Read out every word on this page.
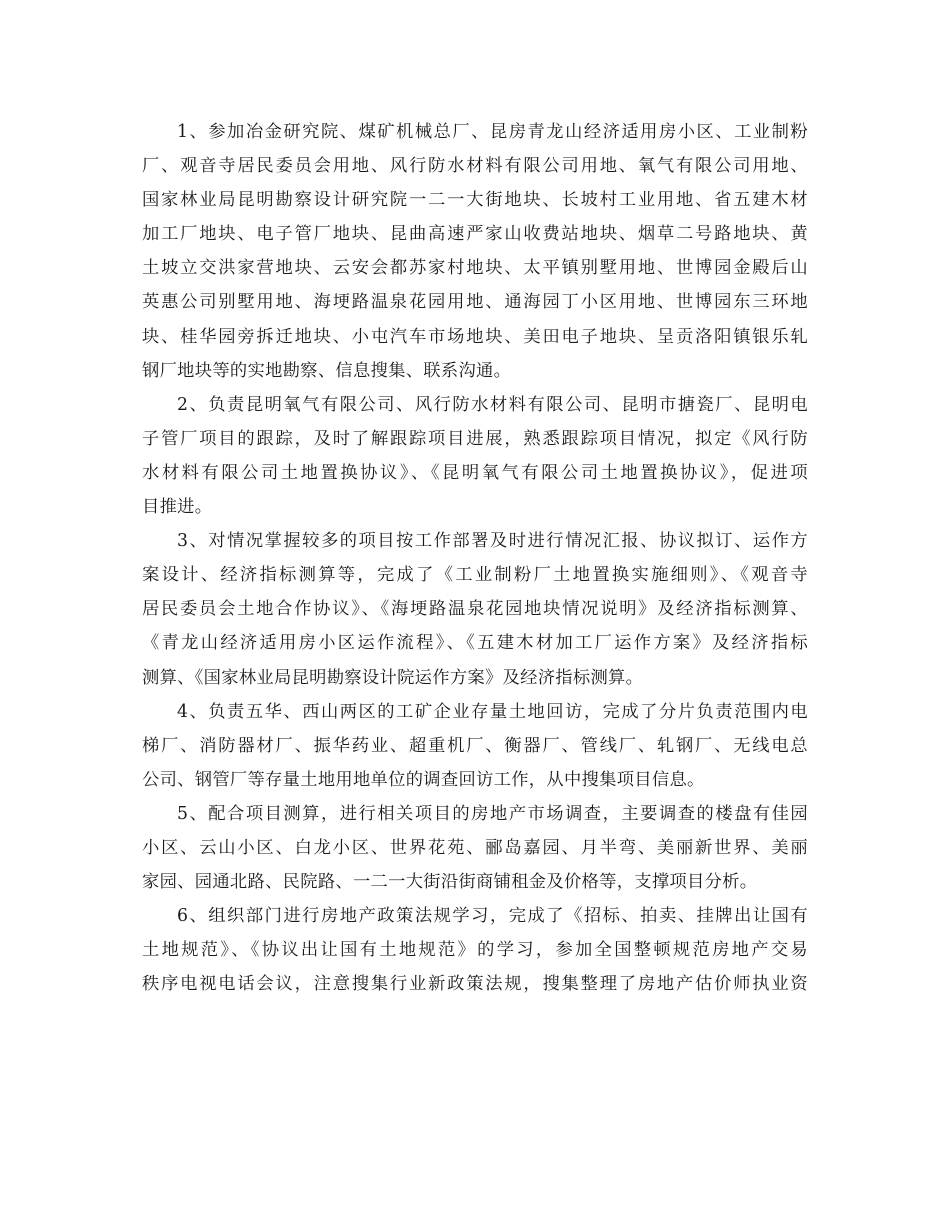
1、参加冶金研究院、煤矿机械总厂、昆房青龙山经济适用房小区、工业制粉
厂、观音寺居民委员会用地、风行防水材料有限公司用地、氧气有限公司用地、
国家林业局昆明勘察设计研究院一二一大街地块、长坡村工业用地、省五建木材
加工厂地块、电子管厂地块、昆曲高速严家山收费站地块、烟草二号路地块、黄
土坡立交洪家营地块、云安会都苏家村地块、太平镇别墅用地、世博园金殿后山
英惠公司别墅用地、海埂路温泉花园用地、通海园丁小区用地、世博园东三环地
块、桂华园旁拆迁地块、小屯汽车市场地块、美田电子地块、呈贡洛阳镇银乐轧
钢厂地块等的实地勘察、信息搜集、联系沟通。
2、负责昆明氧气有限公司、风行防水材料有限公司、昆明市搪瓷厂、昆明电
子管厂项目的跟踪，及时了解跟踪项目进展，熟悉跟踪项目情况，拟定《风行防
水材料有限公司土地置换协议》、《昆明氧气有限公司土地置换协议》，促进项
目推进。
3、对情况掌握较多的项目按工作部署及时进行情况汇报、协议拟订、运作方
案设计、经济指标测算等，完成了《工业制粉厂土地置换实施细则》、《观音寺
居民委员会土地合作协议》、《海埂路温泉花园地块情况说明》及经济指标测算、
《青龙山经济适用房小区运作流程》、《五建木材加工厂运作方案》及经济指标
测算、《国家林业局昆明勘察设计院运作方案》及经济指标测算。
4、负责五华、西山两区的工矿企业存量土地回访，完成了分片负责范围内电
梯厂、消防器材厂、振华药业、超重机厂、衡器厂、管线厂、轧钢厂、无线电总
公司、钢管厂等存量土地用地单位的调查回访工作，从中搜集项目信息。
5、配合项目测算，进行相关项目的房地产市场调查，主要调查的楼盘有佳园
小区、云山小区、白龙小区、世界花苑、郦岛嘉园、月半弯、美丽新世界、美丽
家园、园通北路、民院路、一二一大街沿街商铺租金及价格等，支撑项目分析。
6、组织部门进行房地产政策法规学习，完成了《招标、拍卖、挂牌出让国有
土地规范》、《协议出让国有土地规范》的学习，参加全国整顿规范房地产交易
秩序电视电话会议，注意搜集行业新政策法规，搜集整理了房地产估价师执业资
